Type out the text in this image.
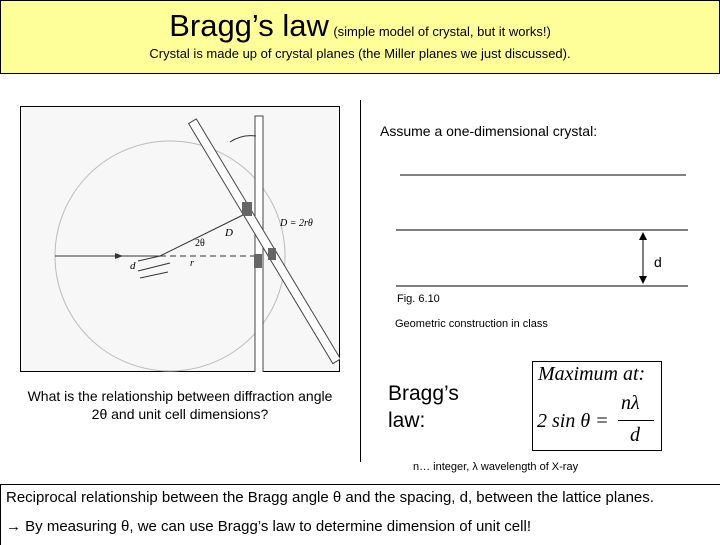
Bragg’s law (simple model of crystal, but it works!)
Crystal is made up of crystal planes (the Miller planes we just discussed).
d	r
2θ
D
D = 2rθ
What is the relationship between diffraction angle 2θ and unit cell dimensions?
Assume a one-dimensional crystal:
d
Fig. 6.10
Geometric construction in class
Bragg’s
law:
Maximum at:
2 sin θ =
nλ
d
n… integer, λ wavelength of X-ray
Reciprocal relationship between the Bragg angle θ and the spacing, d, between the lattice planes.
→ By measuring θ, we can use Bragg’s law to determine dimension of unit cell!
